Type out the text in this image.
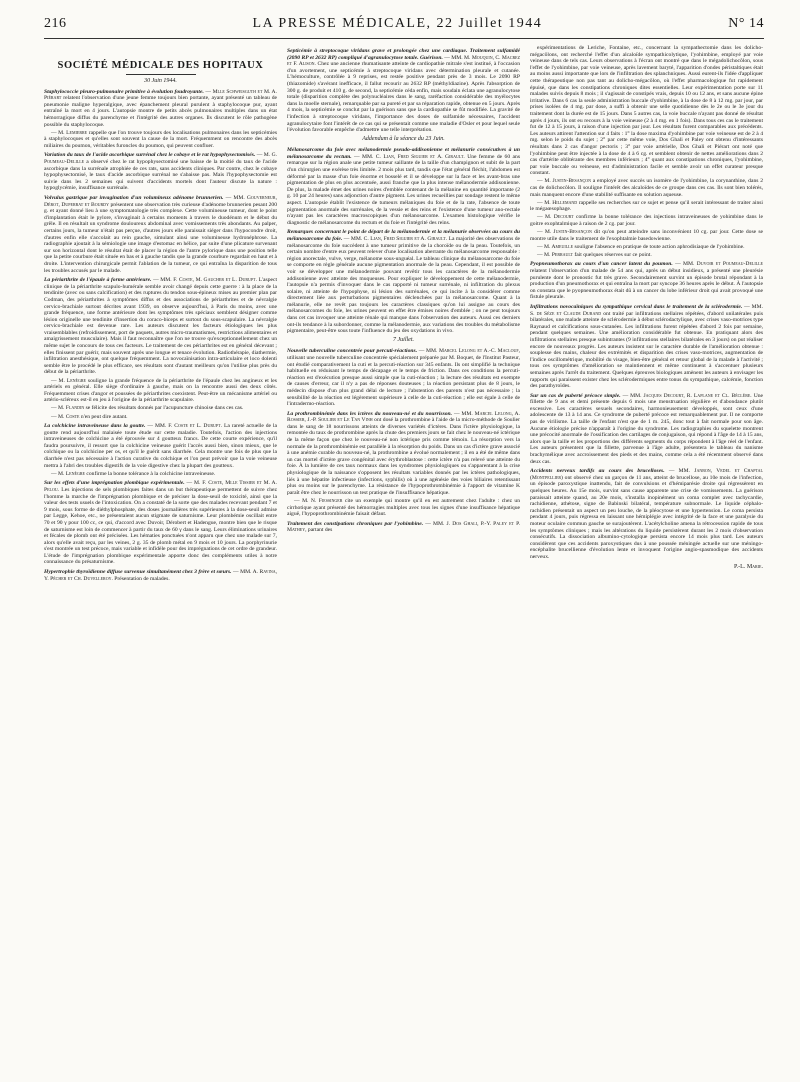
216	LA PRESSE MÉDICALE, 22 Juillet 1944	N° 14
SOCIÉTÉ MÉDICALE DES HOPITAUX
30 Juin 1944.

Staphylococcie pleuro-pulmonaire primitive à évolution foudroyante. — Mlle Schweisguth et M. A. Piérart relatent l'observation d'une jeune femme toujours bien portante, ayant présenté un tableau de pneumonie maligne hyperalgique, avec épanchement pleural purulent à staphylocoque pur, ayant entraîné la mort en 4 jours. L'autopsie montre de petits abcès pulmonaires multiples dans un état hémorragique diffus du parenchyme et l'intégrité des autres organes. Ils discutent le rôle pathogène possible du staphylocoque.

— M. Lemierre rappelle que l'on trouve toujours des localisations pulmonaires dans les septicémies à staphylocoques et qu'elles sont souvent la cause de la mort. Fréquemment on rencontre des abcès miliaires du poumon, véritables furoncles du poumon, qui peuvent confluer.

Variation du taux de l'acide ascorbique surrénal chez le cobaye et le rat hypophysectomisés. — M. G. Poumeau-Delille a observé chez le rat hypophysectomisé une baisse de la moitié du taux de l'acide ascorbique dans la surrénale atrophiée de ces rats, sans accidents cliniques. Par contre, chez le cobaye hypophysectomisé, le taux d'acide ascorbique surrénal ne s'abaisse pas. Mais l'hypophysectomie est suivie dans les 2 semaines qui suivent d'accidents mortels dont l'auteur discute la nature : hypoglycémie, insuffisance surrénale.

Volvulus gastrique par invagination d'un volumineux adénome brunnerien. — MM. Gouverneur, Dérot, Duperrat et Bourdy présentent une observation très curieuse d'adénome brunnerien pesant 200 g. et ayant donné lieu à une symptomatologie très complexe. Cette volumineuse tumeur, dont le point d'implantation était le pylore, s'invaginait à certains moments à travers le duodénum et le début du grêle. Il en résultait un syndrome douloureux abdominal avec vomissements très abondants. Au palper, certains jours, la tumeur n'était pas perçue, d'autres jours elle paraissait siéger dans l'hypocondre droit, d'autres enfin elle s'accolait au rein gauche, simulant ainsi une volumineuse hydronéphrose. La radiographie ajoutait à la sémiologie une image d'estomac en hélice, par suite d'une plicature survenant sur son horizontal dont le résultat était de placer la région de l'antre pylorique dans une position telle que la petite courbure était située en bas et à gauche tandis que la grande courbure regardait en haut et à droite. L'intervention chirurgicale permit l'ablation de la tumeur, ce qui entraîna la disparition de tous les troubles accusés par le malade.

La périarthrite de l'épaule à forme antérieure. — MM. F. Coste, M. Gaucher et L. Durupt. L'aspect clinique de la périarthrite scapulo-humérale semble avoir changé depuis cette guerre : à la place de la tendinite (avec ou sans calcification) et des ruptures du tendon sous-épineux mises au premier plan par Codman, des périarthrites à symptômes diffus et des associations de périarthrites et de névralgie cervico-brachiale surtout décrites avant 1939, on observe aujourd'hui, à Paris du moins, avec une grande fréquence, une forme antérieure dont les symptômes très spéciaux semblent désigner comme lésion originelle une tendinite d'insertion du coraco-biceps et surtout du sous-scapulaire. La névralgie cervico-brachiale est devenue rare. Les auteurs discutent les facteurs étiologiques les plus vraisemblables (refroidissement, port de paquets, autres micro-traumatismes, restrictions alimentaires et amaigrissement musculaire). Mais il faut reconnaître que l'on ne trouve qu'exceptionnellement chez un même sujet le concours de tous ces facteurs. Le traitement de ces périarthrites est en général décevant ; elles finissent par guérir, mais souvent après une longue et tenace évolution. Radiothérapie, diathermie, infiltration anesthésique, ont quelque fréquemment. La novocaïnisation intra-articulaire et loco dolenti semble être le procédé le plus efficace, ses résultats sont d'autant meilleurs qu'on l'utilise plus près du début de la périarthrite.

— M. Lenègre souligne la grande fréquence de la périarthrite de l'épaule chez les angineux et les artériels en général. Elle siège d'ordinaire à gauche, mais on la rencontre aussi des deux côtés. Fréquemment crises d'angor et poussées de périarthrites coexistent. Peut-être un mécanisme artériel ou artério-scléreux est-il en jeu à l'origine de la périarthrite scapulaire.

— M. Flandin se félicite des résultats donnés par l'acupuncture chinoise dans ces cas.

— M. Coste n'en peut dire autant.

La colchicine intraveineuse dans la goutte. — MM. F. Coste et L. Durupt. La rareté actuelle de la goutte rend aujourd'hui malaisée toute étude sur cette maladie. Toutefois, l'action des injections intraveineuses de colchicine a été éprouvée sur 4 goutteux francs. De cette courte expérience, qu'il faudra poursuivre, il ressort que la colchicine veineuse guérit l'accès aussi bien, sinon mieux, que le colchique ou la colchicine per os, et qu'il le guérit sans diarrhée. Cela montre une fois de plus que la diarrhée n'est pas nécessaire à l'action curative du colchique et l'on peut prévoir que la voie veineuse mettra à l'abri des troubles digestifs de la voie digestive chez la plupart des goutteux.

— M. Lenègre confirme la bonne tolérance à la colchicine intraveineuse.

Sur les effets d'une imprégnation plombique expérimentale. — M. F. Coste, Mlle Tissier et M. A. Pelou. Les injections de sels plombiques faites dans un but thérapeutique permettent de suivre chez l'homme la marche de l'imprégnation plombique et de préciser la dose-seuil de toxicité, ainsi que la valeur des tests usuels de l'intoxication. On a constaté de la sorte que des malades recevant pendant 7 et 9 mois, sous forme de diéthylphosphate, des doses journalières très supérieures à la dose-seuil admise par Legge, Kehoe, etc., ne présentaient aucun stigmate de saturnisme. Leur plombémie oscillait entre 70 et 90 γ pour 100 cc, ce qui, d'accord avec Duvoir, Dérobert et Hadengue, montre bien que le risque de saturnisme est loin de commencer à partir du taux de 60 γ dans le sang. Leurs éliminations urinaires et fécales de plomb ont été précisées. Les hématies ponctuées n'ont apparu que chez une malade sur 7, alors qu'elle avait reçu, par les veines, 2 g. 35 de plomb métal en 9 mois et 10 jours. La porphyrinurie s'est montrée un test précoce, mais variable et infidèle pour des imprégnations de cet ordre de grandeur. L'étude de l'imprégnation plombique expérimentale apporte donc des compléments utiles à notre connaissance du présaturnisme.

Hypertrophie thyroïdienne diffuse survenue simultanément chez 3 frère et sœurs. — MM. A. Ravina, Y. Pécher et Ch. Duvelleroy. Présentation de malades.

Septicémie à streptocoque viridans grave et prolongée chez une cardiaque. Traitement sulfamidé (2090 RP et 2632 RP) compliqué d'agranulocytose totale. Guérison. — MM. M. Mouquin, C. Macrez et F. Alison. Chez une ancienne rhumatisante atteinte de cardiopathie mitrale s'est institué, à l'occasion d'un avortement, une septicémie à streptocoque viridans avec détermination pleurale et cutanée. L'hémoculture, contrôlée à 9 reprises, est restée positive pendant près de 3 mois. Le 2090 RP (thiazomide) s'avérant inefficace, il fallut recourir au 2632 RP (méthyldiazine). Après l'absorption de 300 g. de produit et 410 g. de second, la septicémie céda enfin, mais soudain éclata une agranulocytose totale (disparition complète des polynucléaires dans le sang, raréfaction considérable des myélocytes dans la moelle sternale), remarquable par sa pureté et par sa réparation rapide, obtenue en 5 jours. Après 4 mois, la septicémie se conclut par la guérison sans que la cardiopathie se fût modifiée. La gravité de l'infection à streptocoque viridans, l'importance des doses de sulfamide nécessaires, l'accident agranulocytaire font l'intérêt de ce cas qui se présentait comme une maladie d'Osler et pour lequel seule l'évolution favorable empêche d'admettre une telle interprétation.

Addendum à la séance du 23 Juin.

Mélanosarcome du foie avec mélanodermie pseudo-addisonienne et mélanurie consécutives à un mélanosarcome du rectum. — MM. C. Lian, Fred Siguier et A. Girault. Une femme de 60 ans remarque sur la région anale une petite tumeur saillante de la taille d'un champignon et subit de la part d'un chirurgien une exérèse très limitée. 2 mois plus tard, tandis que l'état général fléchit, l'abdomen est déformé par la masse d'un foie énorme et bosselé et il se développe sur la face et les avant-bras une pigmentation de plus en plus accentuée, aussi franche que la plus intense mélanodermie addisonienne. De plus, la malade émet des urines noires d'emblée contenant de la mélanine en quantité importante (2 g. 10 par 24 heures) sans adjonction d'autre pigment. Les urines recueillies par sondage restent le même aspect. L'autopsie établit l'existence de tumeurs mélaniques du foie et de la rate, l'absence de toute pigmentation anormale des surrénales, de la vessie et des reins et l'existence d'une tumeur ano-rectale n'ayant pas les caractères macroscopiques d'un mélanosarcome. L'examen histologique vérifie le diagnostic de mélanosarcome du rectum et du foie et l'intégrité des reins.

Remarques concernant le point de départ de la mélanodermie et la mélanurie observées au cours du mélanosarcome du foie. — MM. C. Lian, Fred Siguier et A. Girault. La majorité des observations de mélanosarcome du foie succèdent à une tumeur primitive de la choroïde ou de la peau. Toutefois, un certain nombre d'entre eux peuvent relever d'une localisation aberrante du mélanosarcome responsable : région anorectale, vulve, verge, mélanome sous-unguéal. Le tableau clinique du mélanosarcome du foie se comporte en règle générale aucune pigmentation anormale de la peau. Cependant, il est possible de voir se développer une mélanodermie pouvant revêtir tous les caractères de la mélanodermie addisonienne avec atteinte des muqueuses. Pour expliquer le développement de cette mélanodermie, l'autopsie n'a permis d'invoquer dans le cas rapporté ni tumeur surrénale, ni infiltration du plexus solaire, ni atteinte de l'hypophyse, ni lésion des surrénales, ce qui incite à la considérer comme directement liée aux perturbations pigmentaires déclenchées par la mélanosarcome. Quant à la mélanurie, elle ne revêt pas toujours les caractères classiques qu'on lui assigne au cours des mélanosarcomes du foie, les urines peuvent en effet être émises noires d'emblée ; on ne peut toujours dans cet cas invoquer une atteinte rénale qui manque dans l'observation des auteurs. Aussi ces derniers ont-ils tendance à la subordonner, comme la mélanodermie, aux variations des troubles du métabolisme pigmentaire, peut-être sous toute l'influence du jeu des oxydations in vivo.

7 Juillet.

Nouvelle tuberculine concentrée pour percuti-réactions. — MM. Marcel Lelong et A.-C. Maclouf, utilisant une nouvelle tuberculine concentrée spécialement préparée par M. Boquet, de l'Institut Pasteur, ont étudié comparativement la cuti et la percuti-réaction sur 345 enfants. Ils ont simplifié la technique habituelle en réduisant le temps de décapage et le temps de friction. Dans ces conditions la percuti-réaction est d'exécution presque aussi simple que la cuti-réaction ; la lecture des résultats est exempte de causes d'erreur, car il n'y a pas de réponses douteuses ; la réaction persistant plus de 8 jours, le médecin dispose d'un plus grand délai de lecture ; l'abstention des parents n'est pas nécessaire ; la sensibilité de la réaction est légèrement supérieure à celle de la cuti-réaction ; elle est égale à celle de l'intradermo-réaction.

La prothrombinémie dans les ictères du nouveau-né et du nourrisson. — MM. Marcel Lelong, A. Rossier, J.-P. Soulier et Le Tan Vinh ont dosé la prothrombine à l'aide de la micro-méthode de Soulier dans le sang de 18 nourrissons atteints de diverses variétés d'ictères. Dans l'ictère physiologique, la remontée du taux de prothrombine après la chute des premiers jours se fait chez le nouveau-né ictérique de la même façon que chez le nouveau-né non ictérique pris comme témoin. La résorption vers la normale de la prothrombinémie est parallèle à la résorption du poids. Dans un cas d'ictère grave associé à une anémie curable du nouveau-né, la prothrombine a évolué normalement ; il en a été de même dans un cas mortel d'ictère grave congénital avec érythroblastose : cette ictère n'a pas relevé une atteinte du foie. À la lumière de ces taux normaux dans les syndromes physiologiques ou s'apparentant à la crise physiologique de la naissance s'opposent les résultats variables donnés par les ictères pathologiques, liés à une hépatite infectieuse (infections, syphilis) où à une agénésie des voies biliaires retentissant plus ou moins sur le parenchyme. La résistance de l'hypoprothrombinémie à l'apport de vitamine K paraît être chez le nourrisson un test pratique de l'insuffisance hépatique.

— M. N. Fiessinger cite un exemple qui montre qu'il en est autrement chez l'adulte : chez un cirrhotique ayant présenté des hémorragies multiples avec tous les signes d'une insuffisance hépatique aiguë, l'hypoprothrombinémie faisait défaut.

Traitement des constipations chroniques par l'yohimbine. — MM. J. Dos Ghali, P.-Y. Paley et P. Mathey, partant des

expérimentations de Leriche, Fontaine, etc., concernant la sympathectomie dans les dolicho-mégacôlons, ont recherché l'effet d'un alcaloïde sympathicolytique, l'yohimbine, employé par voie veineuse dans de tels cas. Leurs observations à l'écran ont montré que dans le mégadolichocôlon, sous l'effet de l'yohimbine, par voie veineuse, après lavement baryté, l'apparition d'ondes péristaltiques était au moins aussi importante que lors de l'infiltration des splanchniques. Aussi eurent-ils l'idée d'appliquer cette thérapeutique non pas tant au dolicho-mégacôlon, où l'effet pharmacologique fut rapidement épuisé, que dans les constipations chroniques dites essentielles. Leur expérimentation porte sur 11 malades suivis depuis 8 mois ; il s'agissait de constipés vrais, depuis 10 ou 12 ans, et sans aucune épine irritative. Dans 6 cas la seule administration buccale d'yohimbine, à la dose de 8 à 12 mg. par jour, par prises isolées de 4 mg. par dose, a suffi à obtenir une selle quotidienne dès le 2e ou le 3e jour du traitement dont la durée est de 15 jours. Dans 5 autres cas, la voie buccale n'ayant pas donné de résultat après 4 jours, ils ont eu recours à la voie veineuse (2 à 4 mg. en 1 fois). Dans tous ces cas le traitement fut de 12 à 15 jours, à raison d'une injection par jour. Les résultats furent comparables aux précédents. Les auteurs attirent l'attention sur 4 faits : 1° la dose maxima d'yohimbine par voie veineuse est de 2 à 4 mg. selon le poids du sujet ; 2° par cette même voie, Dos Ghali et Paley ont obtenu d'intéressants résultats dans 2 cas d'angor pectoris ; 3° par voie artérielle, Dos Ghali et Piérart ont noté que l'yohimbine peut être injectée à la dose de 4 à 6 cg. et semblent obtenir de nettes améliorations dans 2 cas d'artérite oblitérante des membres inférieurs ; 4° quant aux constipations chroniques, l'yohimbine, par voie buccale ou veineuse, est d'administration facile et semble avoir un effet curateur presque constant.

— M. Justin-Besançon a employé avec succès un isomère de l'yohimbine, la corynanthine, dans 2 cas de dolichocôlon. Il souligne l'intérêt des alcaloïdes de ce groupe dans ces cas. Ils sont bien tolérés, mais manquent encore d'une stabilité suffisante en solution aqueuse.

— M. Hillemand rappelle ses recherches sur ce sujet et pense qu'il serait intéressant de traiter ainsi le mégaœsophage.

— M. Decourt confirme la bonne tolérance des injections intraveineuses de yohimbine dans le goitre exophtalmique à raison de 2 cg. par jour.

— M. Justin-Besançon dit qu'on peut atteindre sans inconvénient 10 cg. par jour. Cette dose se montre utile dans le traitement de l'exophtalmie basedowienne.

— M. Ameuille souligne l'absence en pratique de toute action aphrodisiaque de l'yohimbine.

— M. Perrault fait quelques réserves sur ce point.

Pyopneumothorax au cours d'un cancer latent du poumon. — MM. Duvoir et Poumeau-Delille relatent l'observation d'un malade de 54 ans qui, après un début insidieux, a présenté une pleurésie purulente dont le pronostic fut très grave. Secondairement survint un épisode brutal répondant à la production d'un pneumothorax et qui entraîna la mort par syncope 36 heures après le début. À l'autopsie on constata que le pyopneumothorax était dû à un cancer du lobe inférieur droit qui avait provoqué une fistule pleurale.

Infiltrations novocaïniques du sympathique cervical dans le traitement de la sclérodermie. — MM. S. de Sèze et Claude Durand ont traité par infiltrations stellaires répétées, d'abord unilatérales puis bilatérales, une malade atteinte de sclérodermie à début sclérodactylique, avec crises vaso-motrices type Raynaud et calcifications sous-cutanées. Les infiltrations furent répétées d'abord 2 fois par semaine, pendant quelques semaines. Une amélioration considérable fut obtenue. En pratiquant alors des infiltrations stellaires presque subintrantes (9 infiltrations stellaires bilatérales en 3 jours) on put réaliser encore de nouveaux progrès. Les auteurs insistent sur le caractère durable de l'amélioration obtenue : souplesse des mains, chaleur des extrémités et disparition des crises vaso-motrices, augmentation de l'indice oscillométrique, mobilité du visage, bien-être général et retour global de la malade à l'activité ; tous ces symptômes d'amélioration se maintiennent et même continuent à s'accentuer plusieurs semaines après l'arrêt du traitement. Quelques épreuves biologiques amènent les auteurs à envisager les rapports qui paraissent exister chez les sclérodermiques entre tonus du sympathique, calcémie, fonction des parathyroïdes.

Sur un cas de puberté précoce simple. — MM. Jacques Decourt, R. Laplane et Cl. Béclère. Une fillette de 9 ans et demi présente depuis 6 mois une menstruation régulière et d'abondance plutôt excessive. Les caractères sexuels secondaires, harmonieusement développés, sont ceux d'une adolescente de 13 à 14 ans. Ce syndrome de puberté précoce est remarquablement pur. Il ne comporte pas de virilisme. La taille de l'enfant n'est que de 1 m. 245, donc tout à fait normale pour son âge. Aucune étiologie précise n'apparaît à l'origine du syndrome. Les radiographies du squelette montrent une précocité anormale de l'ossification des cartilages de conjugaison, qui répond à l'âge de 14 à 15 ans, alors que la taille et les proportions des différents segments du corps répondent à l'âge réel de l'enfant. Les auteurs présentent que la fillette, parvenue à l'âge adulte, présentera le tableau du nanisme brachymélique avec accroissement des pieds et des mains, comme cela a été récemment observé dans deux cas.

Accidents nerveux tardifs au cours des brucelloses. — MM. Janbon, Vedel et Chaptal (Montpellier) ont observé chez un garçon de 11 ans, atteint de brucellose, au 10e mois de l'infection, un épisode paroxystique inattendu, fait de convulsions et d'hémiparésie droite qui régressèrent en quelques heures. Au 15e mois, survint sans cause apparente une crise de vomissements. La guérison paraissait atteinte quand, au 20e mois, s'installa inopinément un coma complet avec tachycardie, rachidienne, athétose, signe de Babinski bilatéral, température subnormale. Le liquide céphalo-rachidien présentait un aspect un peu louche, de la pléocytose et une hypertension. Le coma persista pendant 4 jours, puis régressa en laissant une hémiplégie avec intégrité de la face et une paralysie du moteur oculaire commun gauche se surajoutèrent. L'acétylcholine amena la rétrocession rapide de tous les symptômes cliniques ; mais les altérations du liquide persistèrent durant les 2 mois d'observation consécutifs. La dissociation albumino-cytologique persista encore 14 mois plus tard. Les auteurs considèrent que ces accidents paroxystiques dus à une poussée méningée actuelle sur une méningo-encéphalite brucellienne d'évolution lente et invoquent l'origine angio-spasmodique des accidents nerveux.

P.-L. Marie.
